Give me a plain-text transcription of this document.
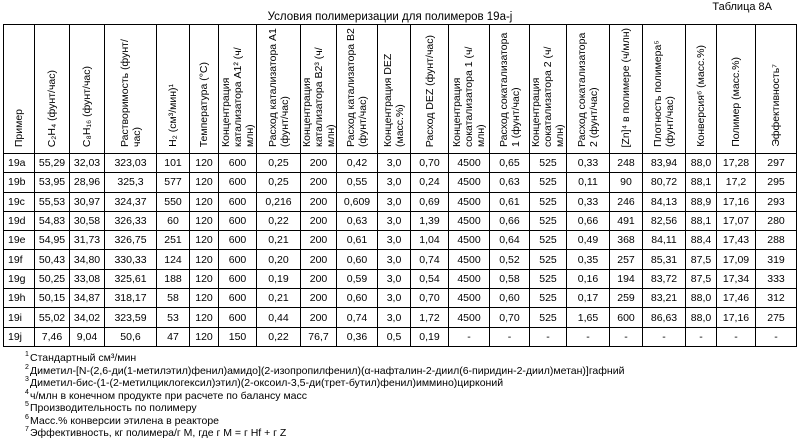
Таблица 8А
Условия полимеризации для полимеров 19a-j
Пример	C₂H₄ (фунт/час)	C₈H₁₆ (фунт/час)	Растворимость (фунт/час)	H₂ (см³/мин)¹	Температура (°С)	Концентрация катализатора А1² (ч/млн)	Расход катализатора А1 (фунт/час)	Концентрация катализатора В2³ (ч/млн)	Расход катализатора В2 (фунт/час)	Концентрация DEZ (масс.%)	Расход DEZ (фунт/час)	Концентрация сокатализатора 1 (ч/млн)	Расход сокатализатора 1 (фунт/час)	Концентрация сокатализатора 2 (ч/млн)	Расход сокатализатора 2 (фунт/час)	[Zn]⁴ в полимере (ч/млн)	Плотность полимера⁵ (фунт/час)	Конверсия⁶ (масс.%)	Полимер (масс.%)	Эффективность⁷
19a	55,29	32,03	323,03	101	120	600	0,25	200	0,42	3,0	0,70	4500	0,65	525	0,33	248	83,94	88,0	17,28	297
19b	53,95	28,96	325,3	577	120	600	0,25	200	0,55	3,0	0,24	4500	0,63	525	0,11	90	80,72	88,1	17,2	295
19c	55,53	30,97	324,37	550	120	600	0,216	200	0,609	3,0	0,69	4500	0,61	525	0,33	246	84,13	88,9	17,16	293
19d	54,83	30,58	326,33	60	120	600	0,22	200	0,63	3,0	1,39	4500	0,66	525	0,66	491	82,56	88,1	17,07	280
19e	54,95	31,73	326,75	251	120	600	0,21	200	0,61	3,0	1,04	4500	0,64	525	0,49	368	84,11	88,4	17,43	288
19f	50,43	34,80	330,33	124	120	600	0,20	200	0,60	3,0	0,74	4500	0,52	525	0,35	257	85,31	87,5	17,09	319
19g	50,25	33,08	325,61	188	120	600	0,19	200	0,59	3,0	0,54	4500	0,58	525	0,16	194	83,72	87,5	17,34	333
19h	50,15	34,87	318,17	58	120	600	0,21	200	0,60	3,0	0,70	4500	0,60	525	0,17	259	83,21	88,0	17,46	312
19i	55,02	34,02	323,59	53	120	600	0,44	200	0,74	3,0	1,72	4500	0,70	525	1,65	600	86,63	88,0	17,16	275
19j	7,46	9,04	50,6	47	120	150	0,22	76,7	0,36	0,5	0,19	-	-	-	-	-	-	-	-	-
1 Стандартный см³/мин
2 Диметил-[N-(2,6-ди(1-метилэтил)фенил)амидо](2-изопропилфенил)(α-нафталин-2-диил(6-пиридин-2-диил)метан)]гафний
3 Диметил-бис-(1-(2-метилциклогексил)этил)(2-оксоил-3,5-ди(трет-бутил)фенил)иммино)цирконий
4 ч/млн в конечном продукте при расчете по балансу масс
5 Производительность по полимеру
6 Масс.% конверсии этилена в реакторе
7 Эффективность, кг полимера/г М, где г М = г Hf + г Z
